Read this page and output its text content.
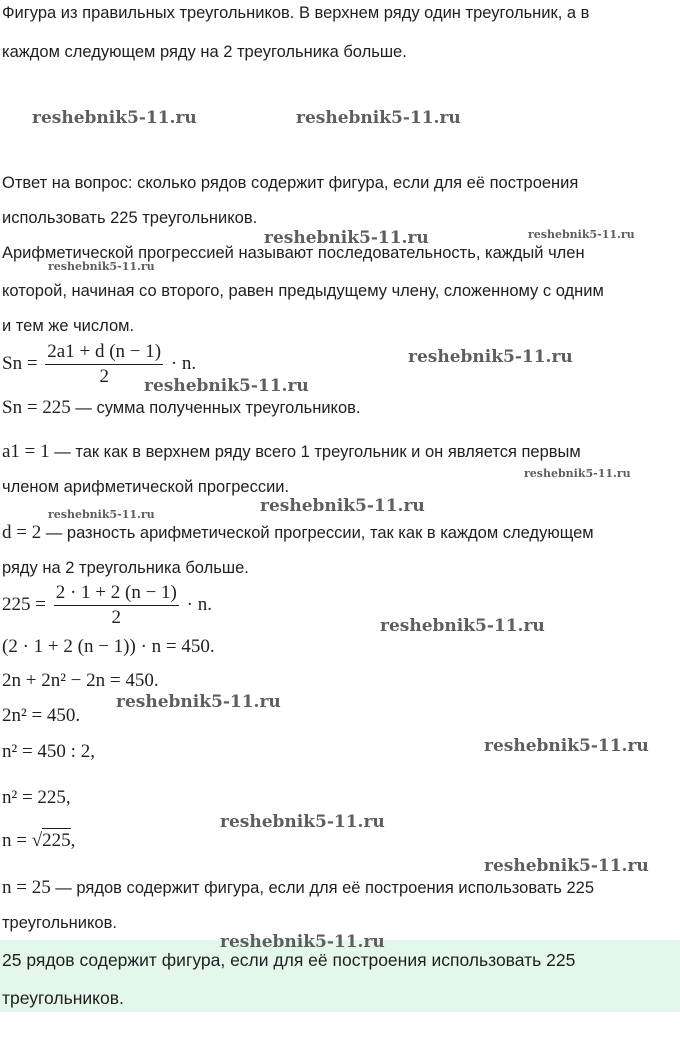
Фигура из правильных треугольников. В верхнем ряду один треугольник, а в
каждом следующем ряду на 2 треугольника больше.
Ответ на вопрос: сколько рядов содержит фигура, если для её построения
использовать 225 треугольников.
Арифметической прогрессией называют последовательность, каждый член
которой, начиная со второго, равен предыдущему члену, сложенному с одним
и тем же числом.
$Sn = \frac{2a1 + d (n - 1)}{2} \cdot n$.
Sn = 225 — сумма полученных треугольников.
a1 = 1 — так как в верхнем ряду всего 1 треугольник и он является первым
членом арифметической прогрессии.
d = 2 — разность арифметической прогрессии, так как в каждом следующем
ряду на 2 треугольника больше.
$225 = \frac{2 \cdot 1 + 2 (n - 1)}{2} \cdot n$.
(2 · 1 + 2 (n − 1)) · n = 450.
2n + 2n² − 2n = 450.
2n² = 450.
n² = 450 : 2,
n² = 225,
n = √225,
n = 25 — рядов содержит фигура, если для её построения использовать 225
треугольников.
25 рядов содержит фигура, если для её построения использовать 225
треугольников.
reshebnik5-11.ru	reshebnik5-11.ru
reshebnik5-11.ru	reshebnik5-11.ru
reshebnik5-11.ru
reshebnik5-11.ru
reshebnik5-11.ru
reshebnik5-11.ru
reshebnik5-11.ru
reshebnik5-11.ru
reshebnik5-11.ru
reshebnik5-11.ru
reshebnik5-11.ru
reshebnik5-11.ru
reshebnik5-11.ru
reshebnik5-11.ru
